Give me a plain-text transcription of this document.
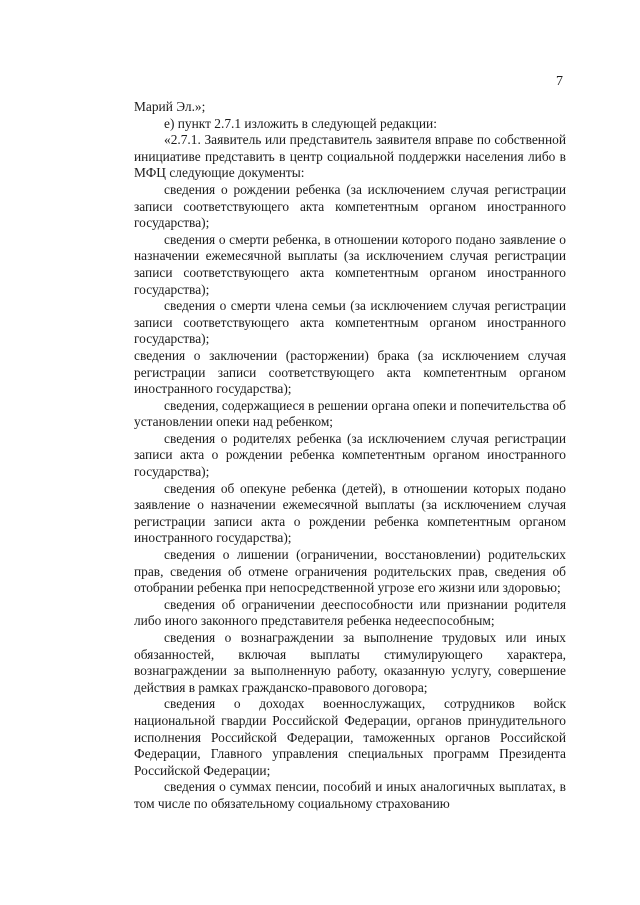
7

Марий Эл.»;

е) пункт 2.7.1 изложить в следующей редакции:

«2.7.1. Заявитель или представитель заявителя вправе по собственной инициативе представить в центр социальной поддержки населения либо в МФЦ следующие документы:

сведения о рождении ребенка (за исключением случая регистрации записи соответствующего акта компетентным органом иностранного государства);

сведения о смерти ребенка, в отношении которого подано заявление о назначении ежемесячной выплаты (за исключением случая регистрации записи соответствующего акта компетентным органом иностранного государства);

сведения о смерти члена семьи (за исключением случая регистрации записи соответствующего акта компетентным органом иностранного государства);

сведения о заключении (расторжении) брака (за исключением случая регистрации записи соответствующего акта компетентным органом иностранного государства);

сведения, содержащиеся в решении органа опеки и попечительства об установлении опеки над ребенком;

сведения о родителях ребенка (за исключением случая регистрации записи акта о рождении ребенка компетентным органом иностранного государства);

сведения об опекуне ребенка (детей), в отношении которых подано заявление о назначении ежемесячной выплаты (за исключением случая регистрации записи акта о рождении ребенка компетентным органом иностранного государства);

сведения о лишении (ограничении, восстановлении) родительских прав, сведения об отмене ограничения родительских прав, сведения об отобрании ребенка при непосредственной угрозе его жизни или здоровью;

сведения об ограничении дееспособности или признании родителя либо иного законного представителя ребенка недееспособным;

сведения о вознаграждении за выполнение трудовых или иных обязанностей, включая выплаты стимулирующего характера, вознаграждении за выполненную работу, оказанную услугу, совершение действия в рамках гражданско-правового договора;

сведения о доходах военнослужащих, сотрудников войск национальной гвардии Российской Федерации, органов принудительного исполнения Российской Федерации, таможенных органов Российской Федерации, Главного управления специальных программ Президента Российской Федерации;

сведения о суммах пенсии, пособий и иных аналогичных выплатах, в том числе по обязательному социальному страхованию
